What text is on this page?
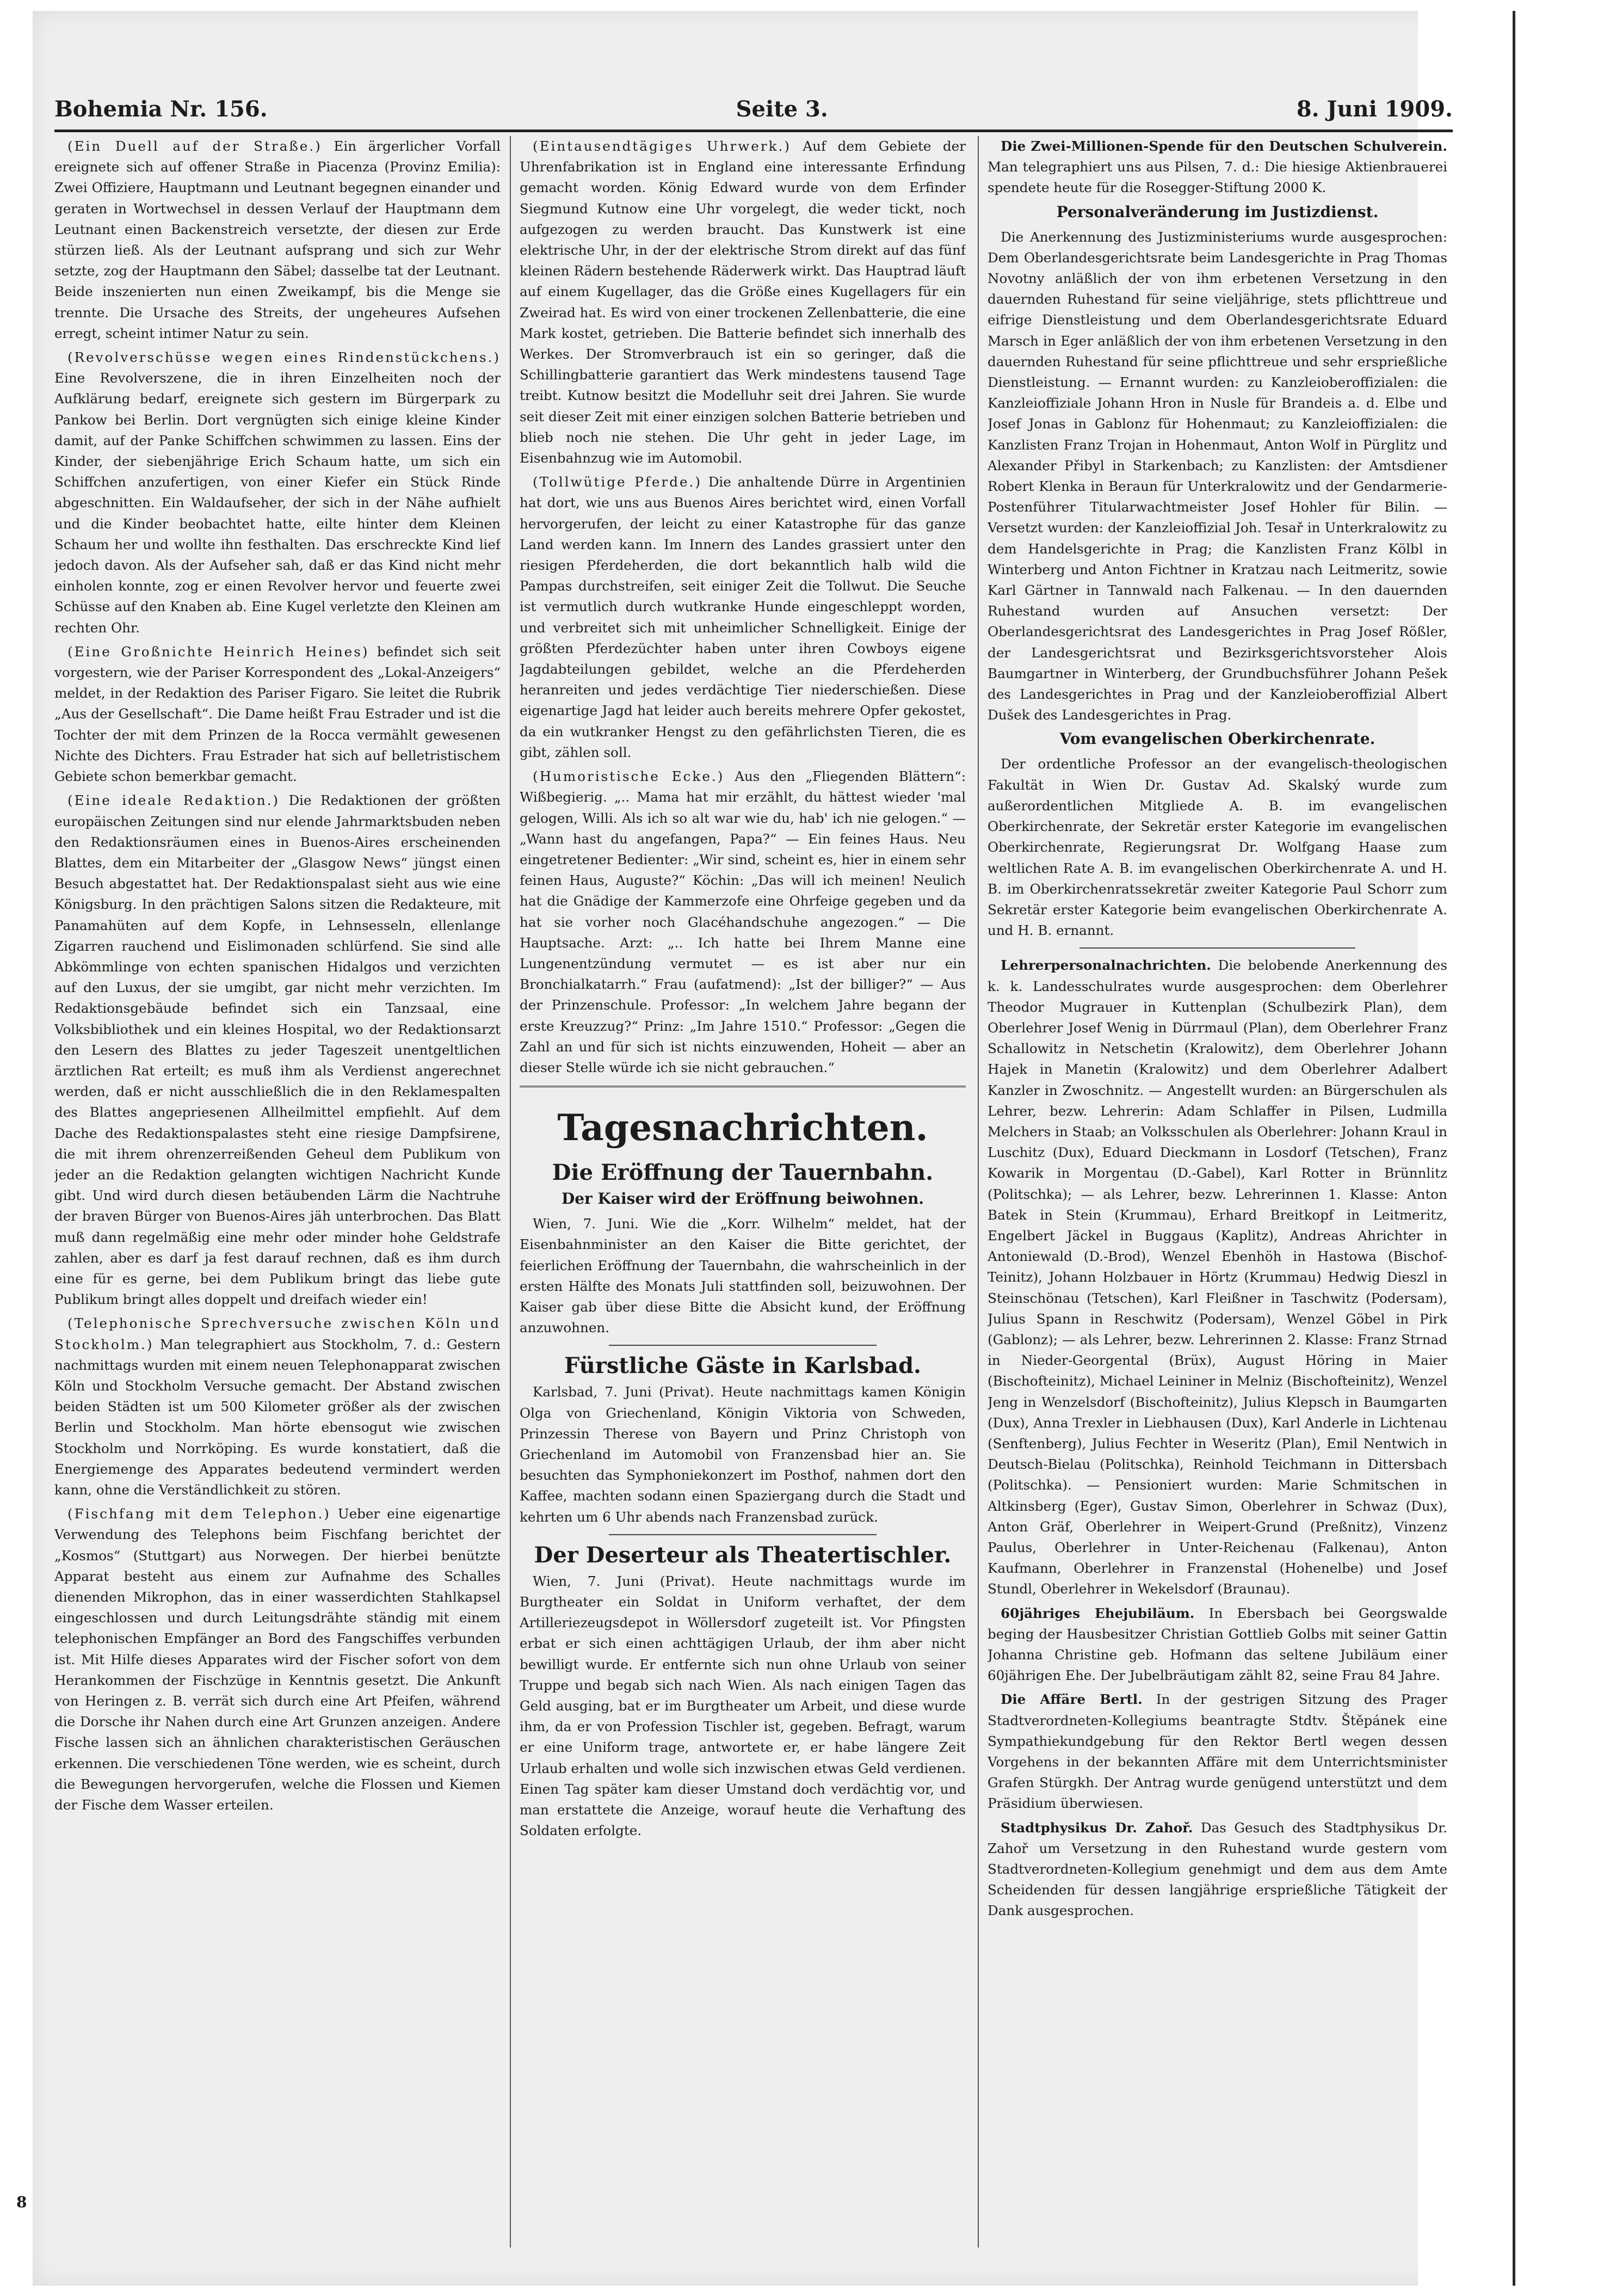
Bohemia Nr. 156.	Seite 3.	8. Juni 1909.

(Ein Duell auf der Straße.) Ein ärgerlicher Vorfall ereignete sich auf offener Straße in Piacenza (Provinz Emilia): Zwei Offiziere, Hauptmann und Leutnant begegnen einander und geraten in Wortwechsel in dessen Verlauf der Hauptmann dem Leutnant einen Backenstreich versetzte, der diesen zur Erde stürzen ließ. Als der Leutnant aufsprang und sich zur Wehr setzte, zog der Hauptmann den Säbel; dasselbe tat der Leutnant. Beide inszenierten nun einen Zweikampf, bis die Menge sie trennte. Die Ursache des Streits, der ungeheures Aufsehen erregt, scheint intimer Natur zu sein.

(Revolverschüsse wegen eines Rindenstückchens.) Eine Revolverszene, die in ihren Einzelheiten noch der Aufklärung bedarf, ereignete sich gestern im Bürgerpark zu Pankow bei Berlin. Dort vergnügten sich einige kleine Kinder damit, auf der Panke Schiffchen schwimmen zu lassen. Eins der Kinder, der siebenjährige Erich Schaum hatte, um sich ein Schiffchen anzufertigen, von einer Kiefer ein Stück Rinde abgeschnitten. Ein Waldaufseher, der sich in der Nähe aufhielt und die Kinder beobachtet hatte, eilte hinter dem Kleinen Schaum her und wollte ihn festhalten. Das erschreckte Kind lief jedoch davon. Als der Aufseher sah, daß er das Kind nicht mehr einholen konnte, zog er einen Revolver hervor und feuerte zwei Schüsse auf den Knaben ab. Eine Kugel verletzte den Kleinen am rechten Ohr.

(Eine Großnichte Heinrich Heines) befindet sich seit vorgestern, wie der Pariser Korrespondent des „Lokal-Anzeigers“ meldet, in der Redaktion des Pariser Figaro. Sie leitet die Rubrik „Aus der Gesellschaft“. Die Dame heißt Frau Estrader und ist die Tochter der mit dem Prinzen de la Rocca vermählt gewesenen Nichte des Dichters. Frau Estrader hat sich auf belletristischem Gebiete schon bemerkbar gemacht.

(Eine ideale Redaktion.) Die Redaktionen der größten europäischen Zeitungen sind nur elende Jahrmarktsbuden neben den Redaktionsräumen eines in Buenos-Aires erscheinenden Blattes, dem ein Mitarbeiter der „Glasgow News“ jüngst einen Besuch abgestattet hat. Der Redaktionspalast sieht aus wie eine Königsburg. In den prächtigen Salons sitzen die Redakteure, mit Panamahüten auf dem Kopfe, in Lehnsesseln, ellenlange Zigarren rauchend und Eislimonaden schlürfend. Sie sind alle Abkömmlinge von echten spanischen Hidalgos und verzichten auf den Luxus, der sie umgibt, gar nicht mehr verzichten. Im Redaktionsgebäude befindet sich ein Tanzsaal, eine Volksbibliothek und ein kleines Hospital, wo der Redaktionsarzt den Lesern des Blattes zu jeder Tageszeit unentgeltlichen ärztlichen Rat erteilt; es muß ihm als Verdienst angerechnet werden, daß er nicht ausschließlich die in den Reklamespalten des Blattes angepriesenen Allheilmittel empfiehlt. Auf dem Dache des Redaktionspalastes steht eine riesige Dampfsirene, die mit ihrem ohrenzerreißenden Geheul dem Publikum von jeder an die Redaktion gelangten wichtigen Nachricht Kunde gibt. Und wird durch diesen betäubenden Lärm die Nachtruhe der braven Bürger von Buenos-Aires jäh unterbrochen. Das Blatt muß dann regelmäßig eine mehr oder minder hohe Geldstrafe zahlen, aber es darf ja fest darauf rechnen, daß es ihm durch eine für es gerne, bei dem Publikum bringt das liebe gute Publikum bringt alles doppelt und dreifach wieder ein!

(Telephonische Sprechversuche zwischen Köln und Stockholm.) Man telegraphiert aus Stockholm, 7. d.: Gestern nachmittags wurden mit einem neuen Telephonapparat zwischen Köln und Stockholm Versuche gemacht. Der Abstand zwischen beiden Städten ist um 500 Kilometer größer als der zwischen Berlin und Stockholm. Man hörte ebensogut wie zwischen Stockholm und Norrköping. Es wurde konstatiert, daß die Energiemenge des Apparates bedeutend vermindert werden kann, ohne die Verständlichkeit zu stören.

(Fischfang mit dem Telephon.) Ueber eine eigenartige Verwendung des Telephons beim Fischfang berichtet der „Kosmos“ (Stuttgart) aus Norwegen. Der hierbei benützte Apparat besteht aus einem zur Aufnahme des Schalles dienenden Mikrophon, das in einer wasserdichten Stahlkapsel eingeschlossen und durch Leitungsdrähte ständig mit einem telephonischen Empfänger an Bord des Fangschiffes verbunden ist. Mit Hilfe dieses Apparates wird der Fischer sofort von dem Herankommen der Fischzüge in Kenntnis gesetzt. Die Ankunft von Heringen z. B. verrät sich durch eine Art Pfeifen, während die Dorsche ihr Nahen durch eine Art Grunzen anzeigen. Andere Fische lassen sich an ähnlichen charakteristischen Geräuschen erkennen. Die verschiedenen Töne werden, wie es scheint, durch die Bewegungen hervorgerufen, welche die Flossen und Kiemen der Fische dem Wasser erteilen.

(Eintausendtägiges Uhrwerk.) Auf dem Gebiete der Uhrenfabrikation ist in England eine interessante Erfindung gemacht worden. König Edward wurde von dem Erfinder Siegmund Kutnow eine Uhr vorgelegt, die weder tickt, noch aufgezogen zu werden braucht. Das Kunstwerk ist eine elektrische Uhr, in der der elektrische Strom direkt auf das fünf kleinen Rädern bestehende Räderwerk wirkt. Das Hauptrad läuft auf einem Kugellager, das die Größe eines Kugellagers für ein Zweirad hat. Es wird von einer trockenen Zellenbatterie, die eine Mark kostet, getrieben. Die Batterie befindet sich innerhalb des Werkes. Der Stromverbrauch ist ein so geringer, daß die Schillingbatterie garantiert das Werk mindestens tausend Tage treibt. Kutnow besitzt die Modelluhr seit drei Jahren. Sie wurde seit dieser Zeit mit einer einzigen solchen Batterie betrieben und blieb noch nie stehen. Die Uhr geht in jeder Lage, im Eisenbahnzug wie im Automobil.

(Tollwütige Pferde.) Die anhaltende Dürre in Argentinien hat dort, wie uns aus Buenos Aires berichtet wird, einen Vorfall hervorgerufen, der leicht zu einer Katastrophe für das ganze Land werden kann. Im Innern des Landes grassiert unter den riesigen Pferdeherden, die dort bekanntlich halb wild die Pampas durchstreifen, seit einiger Zeit die Tollwut. Die Seuche ist vermutlich durch wutkranke Hunde eingeschleppt worden, und verbreitet sich mit unheimlicher Schnelligkeit. Einige der größten Pferdezüchter haben unter ihren Cowboys eigene Jagdabteilungen gebildet, welche an die Pferdeherden heranreiten und jedes verdächtige Tier niederschießen. Diese eigenartige Jagd hat leider auch bereits mehrere Opfer gekostet, da ein wutkranker Hengst zu den gefährlichsten Tieren, die es gibt, zählen soll.

(Humoristische Ecke.) Aus den „Fliegenden Blättern“: Wißbegierig. „.. Mama hat mir erzählt, du hättest wieder 'mal gelogen, Willi. Als ich so alt war wie du, hab' ich nie gelogen.“ — „Wann hast du angefangen, Papa?“ — Ein feines Haus. Neu eingetretener Bedienter: „Wir sind, scheint es, hier in einem sehr feinen Haus, Auguste?“ Köchin: „Das will ich meinen! Neulich hat die Gnädige der Kammerzofe eine Ohrfeige gegeben und da hat sie vorher noch Glacéhandschuhe angezogen.“ — Die Hauptsache. Arzt: „.. Ich hatte bei Ihrem Manne eine Lungenentzündung vermutet — es ist aber nur ein Bronchialkatarrh.“ Frau (aufatmend): „Ist der billiger?“ — Aus der Prinzenschule. Professor: „In welchem Jahre begann der erste Kreuzzug?“ Prinz: „Im Jahre 1510.“ Professor: „Gegen die Zahl an und für sich ist nichts einzuwenden, Hoheit — aber an dieser Stelle würde ich sie nicht gebrauchen.“

Tagesnachrichten.
Die Eröffnung der Tauernbahn.
Der Kaiser wird der Eröffnung beiwohnen.

Wien, 7. Juni. Wie die „Korr. Wilhelm“ meldet, hat der Eisenbahnminister an den Kaiser die Bitte gerichtet, der feierlichen Eröffnung der Tauernbahn, die wahrscheinlich in der ersten Hälfte des Monats Juli stattfinden soll, beizuwohnen. Der Kaiser gab über diese Bitte die Absicht kund, der Eröffnung anzuwohnen.

Fürstliche Gäste in Karlsbad.

Karlsbad, 7. Juni (Privat). Heute nachmittags kamen Königin Olga von Griechenland, Königin Viktoria von Schweden, Prinzessin Therese von Bayern und Prinz Christoph von Griechenland im Automobil von Franzensbad hier an. Sie besuchten das Symphoniekonzert im Posthof, nahmen dort den Kaffee, machten sodann einen Spaziergang durch die Stadt und kehrten um 6 Uhr abends nach Franzensbad zurück.

Der Deserteur als Theatertischler.

Wien, 7. Juni (Privat). Heute nachmittags wurde im Burgtheater ein Soldat in Uniform verhaftet, der dem Artilleriezeugsdepot in Wöllersdorf zugeteilt ist. Vor Pfingsten erbat er sich einen achttägigen Urlaub, der ihm aber nicht bewilligt wurde. Er entfernte sich nun ohne Urlaub von seiner Truppe und begab sich nach Wien. Als nach einigen Tagen das Geld ausging, bat er im Burgtheater um Arbeit, und diese wurde ihm, da er von Profession Tischler ist, gegeben. Befragt, warum er eine Uniform trage, antwortete er, er habe längere Zeit Urlaub erhalten und wolle sich inzwischen etwas Geld verdienen. Einen Tag später kam dieser Umstand doch verdächtig vor, und man erstattete die Anzeige, worauf heute die Verhaftung des Soldaten erfolgte.

Die Zwei-Millionen-Spende für den Deutschen Schulverein. Man telegraphiert uns aus Pilsen, 7. d.: Die hiesige Aktienbrauerei spendete heute für die Rosegger-Stiftung 2000 K.

Personalveränderung im Justizdienst.

Die Anerkennung des Justizministeriums wurde ausgesprochen: Dem Oberlandesgerichtsrate beim Landesgerichte in Prag Thomas Novotny anläßlich der von ihm erbetenen Versetzung in den dauernden Ruhestand für seine vieljährige, stets pflichttreue und eifrige Dienstleistung und dem Oberlandesgerichtsrate Eduard Marsch in Eger anläßlich der von ihm erbetenen Versetzung in den dauernden Ruhestand für seine pflichttreue und sehr ersprießliche Dienstleistung. — Ernannt wurden: zu Kanzleioberoffizialen: die Kanzleioffiziale Johann Hron in Nusle für Brandeis a. d. Elbe und Josef Jonas in Gablonz für Hohenmaut; zu Kanzleioffizialen: die Kanzlisten Franz Trojan in Hohenmaut, Anton Wolf in Pürglitz und Alexander Přibyl in Starkenbach; zu Kanzlisten: der Amtsdiener Robert Klenka in Beraun für Unterkralowitz und der Gendarmerie-Postenführer Titularwachtmeister Josef Hohler für Bilin. — Versetzt wurden: der Kanzleioffizial Joh. Tesař in Unterkralowitz zu dem Handelsgerichte in Prag; die Kanzlisten Franz Kölbl in Winterberg und Anton Fichtner in Kratzau nach Leitmeritz, sowie Karl Gärtner in Tannwald nach Falkenau. — In den dauernden Ruhestand wurden auf Ansuchen versetzt: Der Oberlandesgerichtsrat des Landesgerichtes in Prag Josef Rößler, der Landesgerichtsrat und Bezirksgerichtsvorsteher Alois Baumgartner in Winterberg, der Grundbuchsführer Johann Pešek des Landesgerichtes in Prag und der Kanzleioberoffizial Albert Dušek des Landesgerichtes in Prag.

Vom evangelischen Oberkirchenrate.

Der ordentliche Professor an der evangelisch-theologischen Fakultät in Wien Dr. Gustav Ad. Skalský wurde zum außerordentlichen Mitgliede A. B. im evangelischen Oberkirchenrate, der Sekretär erster Kategorie im evangelischen Oberkirchenrate, Regierungsrat Dr. Wolfgang Haase zum weltlichen Rate A. B. im evangelischen Oberkirchenrate A. und H. B. im Oberkirchenratssekretär zweiter Kategorie Paul Schorr zum Sekretär erster Kategorie beim evangelischen Oberkirchenrate A. und H. B. ernannt.

Lehrerpersonalnachrichten. Die belobende Anerkennung des k. k. Landesschulrates wurde ausgesprochen: dem Oberlehrer Theodor Mugrauer in Kuttenplan (Schulbezirk Plan), dem Oberlehrer Josef Wenig in Dürrmaul (Plan), dem Oberlehrer Franz Schallowitz in Netschetin (Kralowitz), dem Oberlehrer Johann Hajek in Manetin (Kralowitz) und dem Oberlehrer Adalbert Kanzler in Zwoschnitz. — Angestellt wurden: an Bürgerschulen als Lehrer, bezw. Lehrerin: Adam Schlaffer in Pilsen, Ludmilla Melchers in Staab; an Volksschulen als Oberlehrer: Johann Kraul in Luschitz (Dux), Eduard Dieckmann in Losdorf (Tetschen), Franz Kowarik in Morgentau (D.-Gabel), Karl Rotter in Brünnlitz (Politschka); — als Lehrer, bezw. Lehrerinnen 1. Klasse: Anton Batek in Stein (Krummau), Erhard Breitkopf in Leitmeritz, Engelbert Jäckel in Buggaus (Kaplitz), Andreas Ahrichter in Antoniewald (D.-Brod), Wenzel Ebenhöh in Hastowa (Bischof-Teinitz), Johann Holzbauer in Hörtz (Krummau) Hedwig Dieszl in Steinschönau (Tetschen), Karl Fleißner in Taschwitz (Podersam), Julius Spann in Reschwitz (Podersam), Wenzel Göbel in Pirk (Gablonz); — als Lehrer, bezw. Lehrerinnen 2. Klasse: Franz Strnad in Nieder-Georgental (Brüx), August Höring in Maier (Bischofteinitz), Michael Leininer in Melniz (Bischofteinitz), Wenzel Jeng in Wenzelsdorf (Bischofteinitz), Julius Klepsch in Baumgarten (Dux), Anna Trexler in Liebhausen (Dux), Karl Anderle in Lichtenau (Senftenberg), Julius Fechter in Weseritz (Plan), Emil Nentwich in Deutsch-Bielau (Politschka), Reinhold Teichmann in Dittersbach (Politschka). — Pensioniert wurden: Marie Schmitschen in Altkinsberg (Eger), Gustav Simon, Oberlehrer in Schwaz (Dux), Anton Gräf, Oberlehrer in Weipert-Grund (Preßnitz), Vinzenz Paulus, Oberlehrer in Unter-Reichenau (Falkenau), Anton Kaufmann, Oberlehrer in Franzenstal (Hohenelbe) und Josef Stundl, Oberlehrer in Wekelsdorf (Braunau).

60jähriges Ehejubiläum. In Ebersbach bei Georgswalde beging der Hausbesitzer Christian Gottlieb Golbs mit seiner Gattin Johanna Christine geb. Hofmann das seltene Jubiläum einer 60jährigen Ehe. Der Jubelbräutigam zählt 82, seine Frau 84 Jahre.

Die Affäre Bertl. In der gestrigen Sitzung des Prager Stadtverordneten-Kollegiums beantragte Stdtv. Štěpánek eine Sympathiekundgebung für den Rektor Bertl wegen dessen Vorgehens in der bekannten Affäre mit dem Unterrichtsminister Grafen Stürgkh. Der Antrag wurde genügend unterstützt und dem Präsidium überwiesen.

Stadtphysikus Dr. Zahoř. Das Gesuch des Stadtphysikus Dr. Zahoř um Versetzung in den Ruhestand wurde gestern vom Stadtverordneten-Kollegium genehmigt und dem aus dem Amte Scheidenden für dessen langjährige ersprießliche Tätigkeit der Dank ausgesprochen.

8
